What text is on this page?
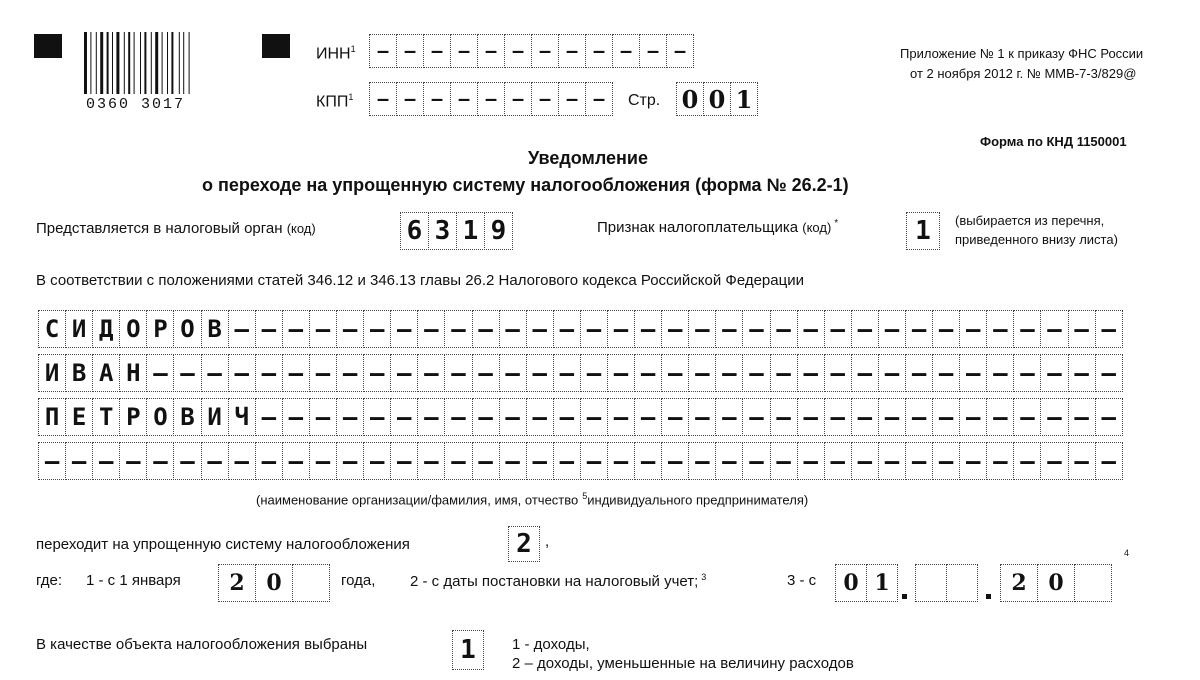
0360 3017
ИНН$^1$	– – – – – – – – – – – –
КПП$^1$	– – – – – – – – –	Стр. 0 0 1
Приложение № 1 к приказу ФНС России
от 2 ноября 2012 г. № ММВ-7-3/829@
Форма по КНД 1150001
Уведомление
о переходе на упрощенную систему налогообложения (форма № 26.2-1)
Представляется в налоговый орган (код)	6 3 1 9	Признак налогоплательщика (код) *	1	(выбирается из перечня,
приведенного внизу листа)
В соответствии с положениями статей 346.12 и 346.13 главы 26.2 Налогового кодекса Российской Федерации
С И Д О Р О В – – – – – – – – – – – – – – – – – – – – – – – – – – – – – – – – –
И В А Н – – – – – – – – – – – – – – – – – – – – – – – – – – – – – – – – – – – –
П Е Т Р О В И Ч – – – – – – – – – – – – – – – – – – – – – – – – – – – – – – – –
– – – – – – – – – – – – – – – – – – – – – – – – – – – – – – – – – – – – – – – –
(наименование организации/фамилия, имя, отчество $^5$индивидуального предпринимателя)
переходит на упрощенную систему налогообложения	2 ,
где: 1 - с 1 января	2 0	года, 2 - с даты постановки на налоговый учет; $^3$	3 - с	0 1	2 0
4
В качестве объекта налогообложения выбраны	1	1 - доходы,
2 – доходы, уменьшенные на величину расходов
